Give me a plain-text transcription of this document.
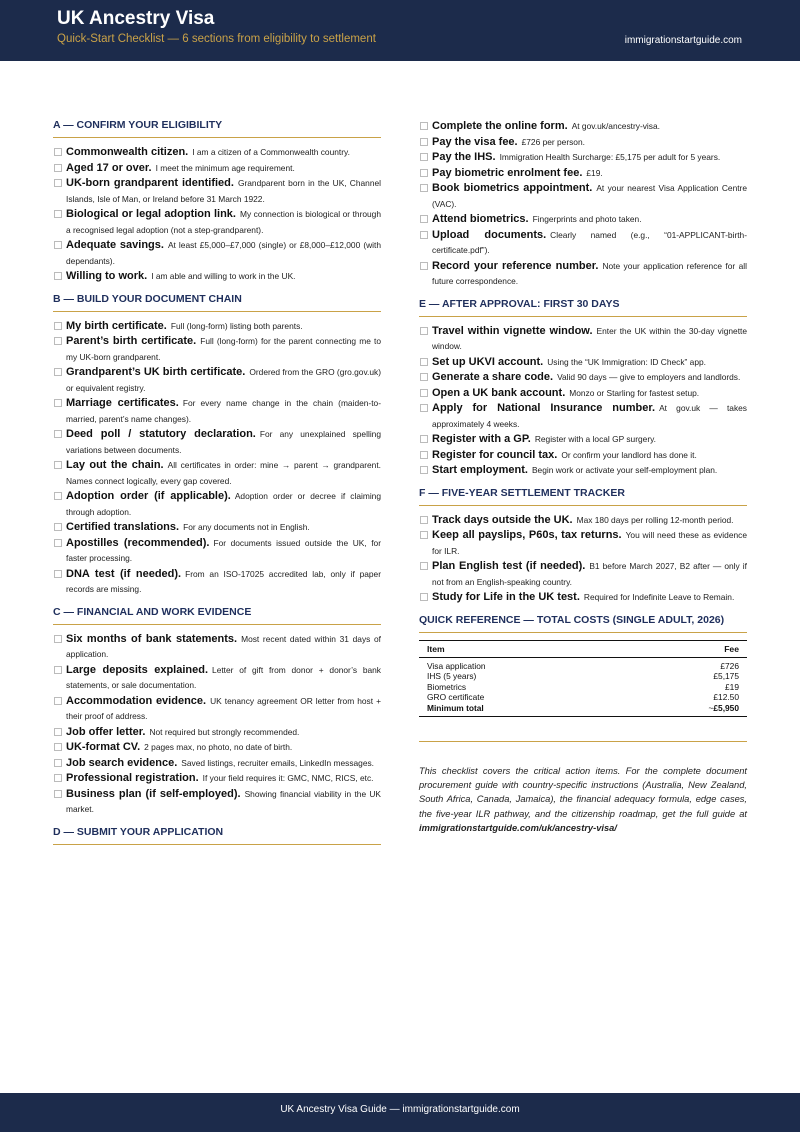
UK Ancestry Visa
Quick-Start Checklist — 6 sections from eligibility to settlement	immigrationstartguide.com
A — CONFIRM YOUR ELIGIBILITY
Commonwealth citizen. I am a citizen of a Commonwealth country.
Aged 17 or over. I meet the minimum age requirement.
UK-born grandparent identified. Grandparent born in the UK, Channel Islands, Isle of Man, or Ireland before 31 March 1922.
Biological or legal adoption link. My connection is biological or through a recognised legal adoption (not a step-grandparent).
Adequate savings. At least £5,000–£7,000 (single) or £8,000–£12,000 (with dependants).
Willing to work. I am able and willing to work in the UK.
B — BUILD YOUR DOCUMENT CHAIN
My birth certificate. Full (long-form) listing both parents.
Parent’s birth certificate. Full (long-form) for the parent connecting me to my UK-born grandparent.
Grandparent’s UK birth certificate. Ordered from the GRO (gro.gov.uk) or equivalent registry.
Marriage certificates. For every name change in the chain (maiden-to-married, parent’s name changes).
Deed poll / statutory declaration. For any unexplained spelling variations between documents.
Lay out the chain. All certificates in order: mine → parent → grandparent. Names connect logically, every gap covered.
Adoption order (if applicable). Adoption order or decree if claiming through adoption.
Certified translations. For any documents not in English.
Apostilles (recommended). For documents issued outside the UK, for faster processing.
DNA test (if needed). From an ISO-17025 accredited lab, only if paper records are missing.
C — FINANCIAL AND WORK EVIDENCE
Six months of bank statements. Most recent dated within 31 days of application.
Large deposits explained. Letter of gift from donor + donor’s bank statements, or sale documentation.
Accommodation evidence. UK tenancy agreement OR letter from host + their proof of address.
Job offer letter. Not required but strongly recommended.
UK-format CV. 2 pages max, no photo, no date of birth.
Job search evidence. Saved listings, recruiter emails, LinkedIn messages.
Professional registration. If your field requires it: GMC, NMC, RICS, etc.
Business plan (if self-employed). Showing financial viability in the UK market.
D — SUBMIT YOUR APPLICATION
Complete the online form. At gov.uk/ancestry-visa.
Pay the visa fee. £726 per person.
Pay the IHS. Immigration Health Surcharge: £5,175 per adult for 5 years.
Pay biometric enrolment fee. £19.
Book biometrics appointment. At your nearest Visa Application Centre (VAC).
Attend biometrics. Fingerprints and photo taken.
Upload documents. Clearly named (e.g., “01-APPLICANT-birth-certificate.pdf”).
Record your reference number. Note your application reference for all future correspondence.
E — AFTER APPROVAL: FIRST 30 DAYS
Travel within vignette window. Enter the UK within the 30-day vignette window.
Set up UKVI account. Using the “UK Immigration: ID Check” app.
Generate a share code. Valid 90 days — give to employers and landlords.
Open a UK bank account. Monzo or Starling for fastest setup.
Apply for National Insurance number. At gov.uk — takes approximately 4 weeks.
Register with a GP. Register with a local GP surgery.
Register for council tax. Or confirm your landlord has done it.
Start employment. Begin work or activate your self-employment plan.
F — FIVE-YEAR SETTLEMENT TRACKER
Track days outside the UK. Max 180 days per rolling 12-month period.
Keep all payslips, P60s, tax returns. You will need these as evidence for ILR.
Plan English test (if needed). B1 before March 2027, B2 after — only if not from an English-speaking country.
Study for Life in the UK test. Required for Indefinite Leave to Remain.
QUICK REFERENCE — TOTAL COSTS (SINGLE ADULT, 2026)
Item	Fee
Visa application	£726
IHS (5 years)	£5,175
Biometrics	£19
GRO certificate	£12.50
Minimum total	~£5,950
This checklist covers the critical action items. For the complete document procurement guide with country-specific instructions (Australia, New Zealand, South Africa, Canada, Jamaica), the financial adequacy formula, edge cases, the five-year ILR pathway, and the citizenship roadmap, get the full guide at immigrationstartguide.com/uk/ancestry-visa/
UK Ancestry Visa Guide — immigrationstartguide.com
